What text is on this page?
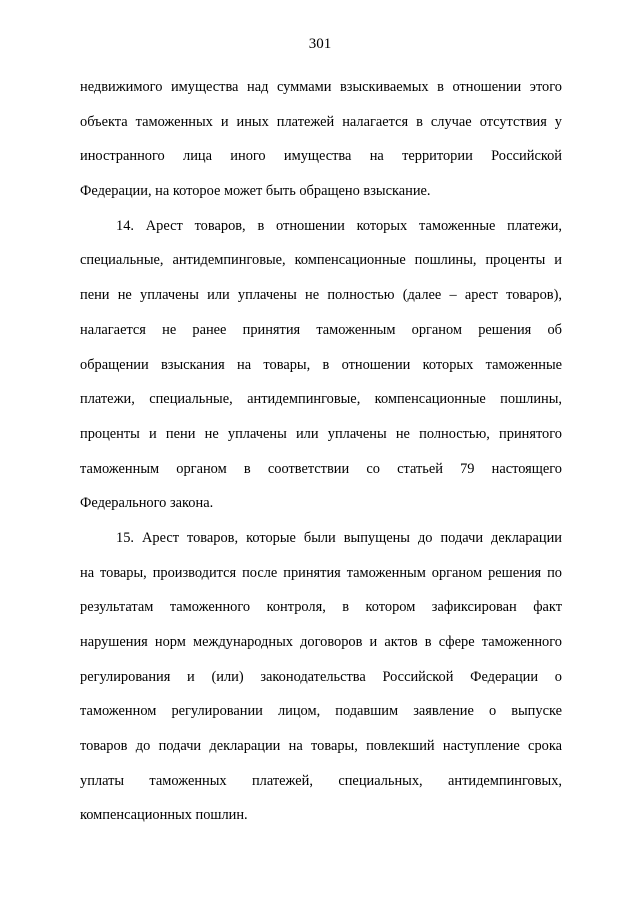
301
недвижимого имущества над суммами взыскиваемых в отношении этого
объекта таможенных и иных платежей налагается в случае отсутствия у
иностранного лица иного имущества на территории Российской
Федерации, на которое может быть обращено взыскание.
14. Арест товаров, в отношении которых таможенные платежи,
специальные, антидемпинговые, компенсационные пошлины, проценты и
пени не уплачены или уплачены не полностью (далее – арест товаров),
налагается не ранее принятия таможенным органом решения об
обращении взыскания на товары, в отношении которых таможенные
платежи, специальные, антидемпинговые, компенсационные пошлины,
проценты и пени не уплачены или уплачены не полностью, принятого
таможенным органом в соответствии со статьей 79 настоящего
Федерального закона.
15. Арест товаров, которые были выпущены до подачи декларации
на товары, производится после принятия таможенным органом решения по
результатам таможенного контроля, в котором зафиксирован факт
нарушения норм международных договоров и актов в сфере таможенного
регулирования и (или) законодательства Российской Федерации о
таможенном регулировании лицом, подавшим заявление о выпуске
товаров до подачи декларации на товары, повлекший наступление срока
уплаты таможенных платежей, специальных, антидемпинговых,
компенсационных пошлин.
